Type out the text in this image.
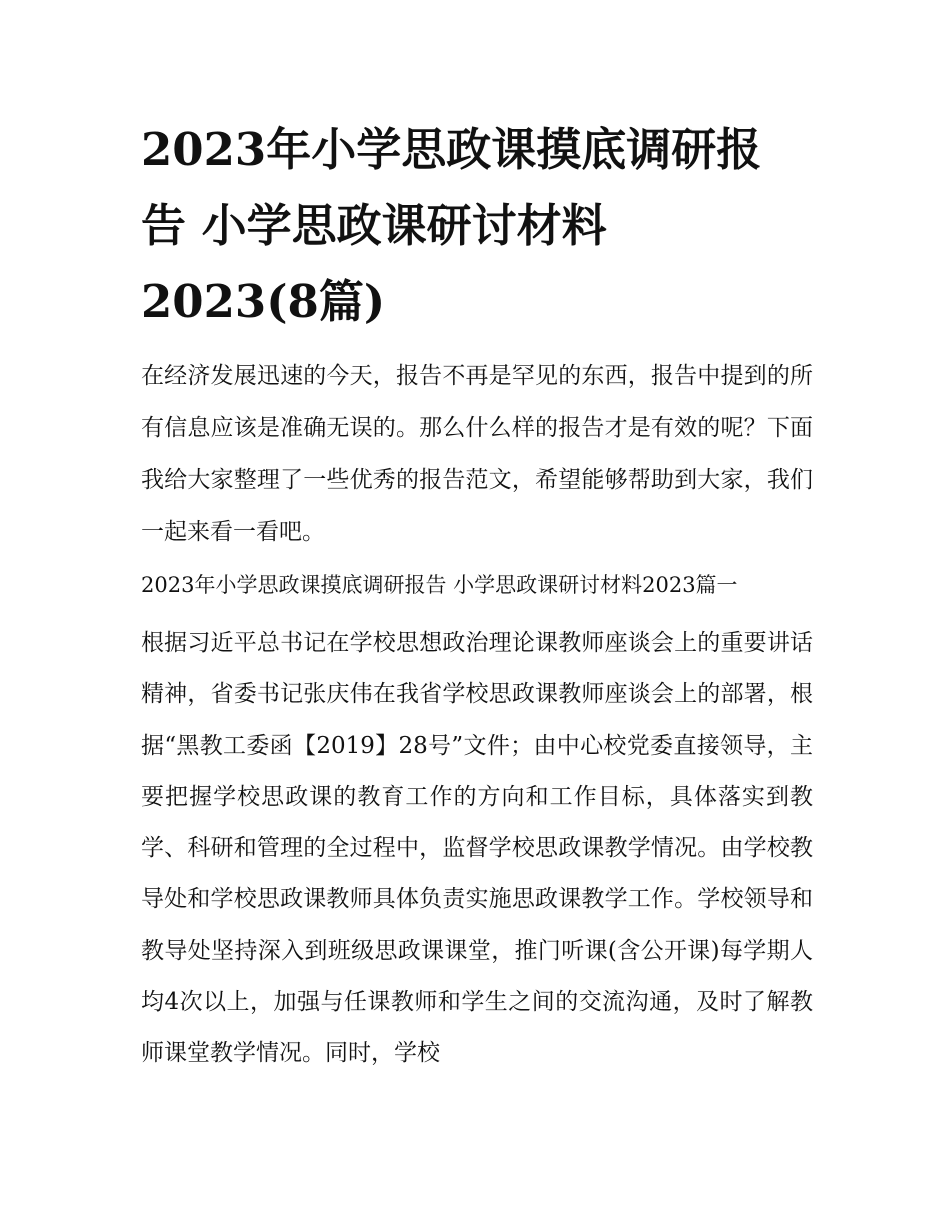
2023年小学思政课摸底调研报
告 小学思政课研讨材料
2023(8篇)

在经济发展迅速的今天，报告不再是罕见的东西，报告中提到的所有信息应该是准确无误的。那么什么样的报告才是有效的呢？下面我给大家整理了一些优秀的报告范文，希望能够帮助到大家，我们一起来看一看吧。

2023年小学思政课摸底调研报告 小学思政课研讨材料2023篇一

根据习近平总书记在学校思想政治理论课教师座谈会上的重要讲话精神，省委书记张庆伟在我省学校思政课教师座谈会上的部署，根据“黑教工委函【2019】28号”文件；由中心校党委直接领导，主要把握学校思政课的教育工作的方向和工作目标，具体落实到教学、科研和管理的全过程中，监督学校思政课教学情况。由学校教导处和学校思政课教师具体负责实施思政课教学工作。学校领导和教导处坚持深入到班级思政课课堂，推门听课(含公开课)每学期人均4次以上，加强与任课教师和学生之间的交流沟通，及时了解教师课堂教学情况。同时，学校
